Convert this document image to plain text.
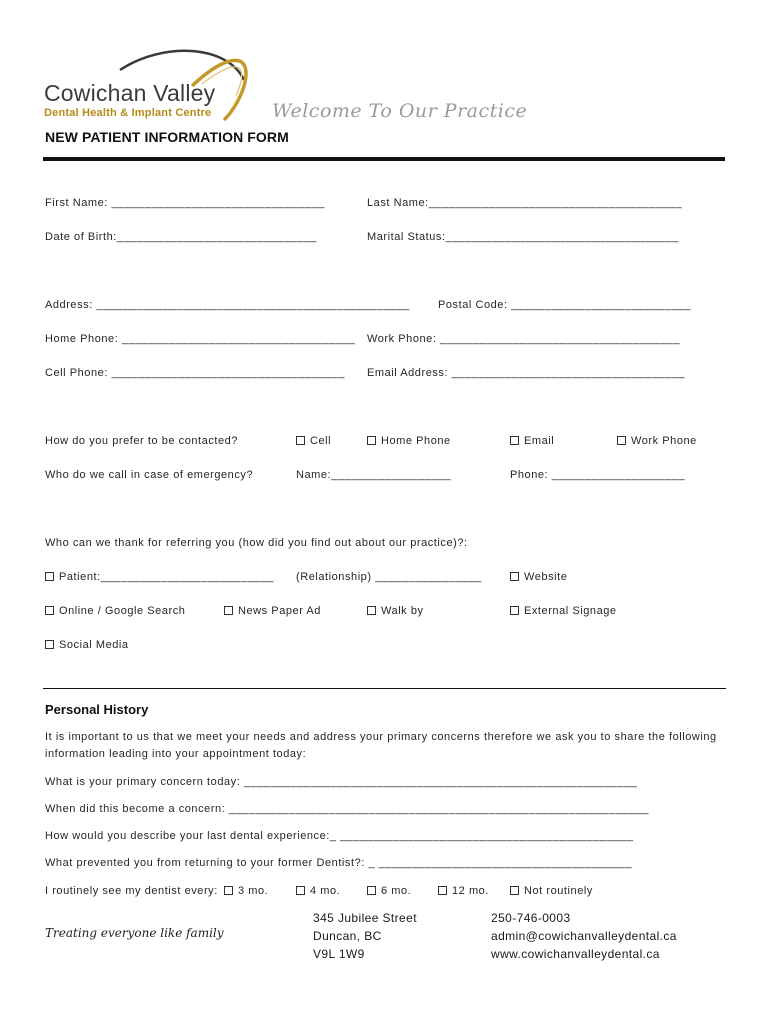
Cowichan Valley
Dental Health & Implant Centre	Welcome To Our Practice
NEW PATIENT INFORMATION FORM
First Name: ________________________________	Last Name:______________________________________
Date of Birth:______________________________	Marital Status:___________________________________
Address: _______________________________________________	Postal Code: ___________________________
Home Phone: ___________________________________ Work Phone: ____________________________________
Cell Phone: ___________________________________ Email Address: ___________________________________
How do you prefer to be contacted?	Cell	Home Phone	Email	Work Phone
Who do we call in case of emergency?	Name:__________________	Phone: ____________________
Who can we thank for referring you (how did you find out about our practice)?:
Patient:__________________________ (Relationship) ________________	Website
Online / Google Search	News Paper Ad	Walk by	External Signage
Social Media
Personal History
It is important to us that we meet your needs and address your primary concerns therefore we ask you to share the following
information leading into your appointment today:
What is your primary concern today: ___________________________________________________________
When did this become a concern: _______________________________________________________________
How would you describe your last dental experience:_ ____________________________________________
What prevented you from returning to your former Dentist?: _ ______________________________________
I routinely see my dentist every:	3 mo.	4 mo.	6 mo.	12 mo.	Not routinely
Treating everyone like family
345 Jubilee Street
Duncan, BC
V9L 1W9
250-746-0003
admin@cowichanvalleydental.ca
www.cowichanvalleydental.ca
